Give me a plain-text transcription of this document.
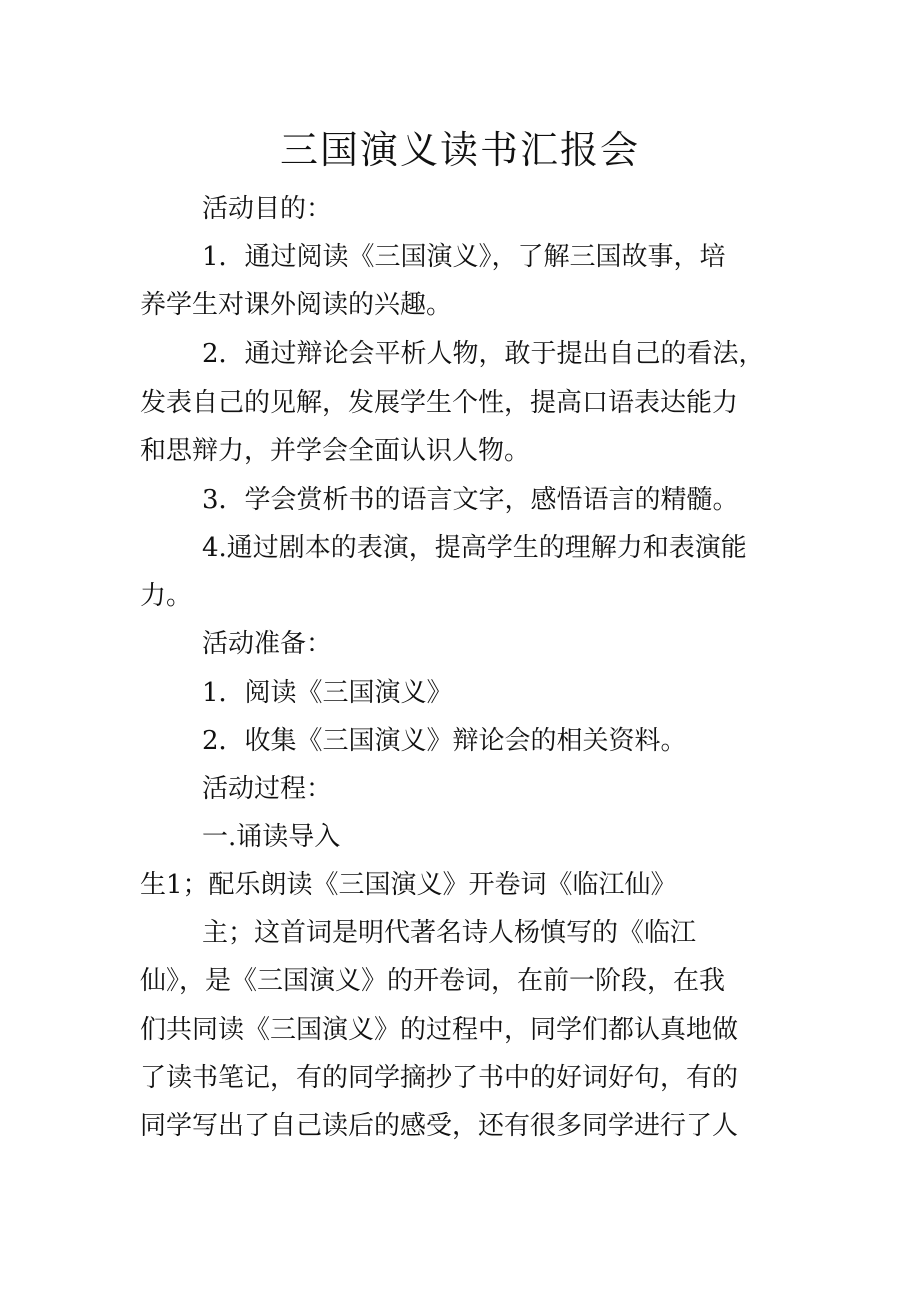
三国演义读书汇报会
活动目的：
1．通过阅读《三国演义》，了解三国故事，培
养学生对课外阅读的兴趣。
2．通过辩论会平析人物，敢于提出自己的看法，
发表自己的见解，发展学生个性，提高口语表达能力
和思辩力，并学会全面认识人物。
3．学会赏析书的语言文字，感悟语言的精髓。
4.通过剧本的表演，提高学生的理解力和表演能
力。
活动准备：
1．阅读《三国演义》
2．收集《三国演义》辩论会的相关资料。
活动过程：
一.诵读导入
生1；配乐朗读《三国演义》开卷词《临江仙》
主；这首词是明代著名诗人杨慎写的《临江
仙》，是《三国演义》的开卷词，在前一阶段，在我
们共同读《三国演义》的过程中，同学们都认真地做
了读书笔记，有的同学摘抄了书中的好词好句，有的
同学写出了自己读后的感受，还有很多同学进行了人
